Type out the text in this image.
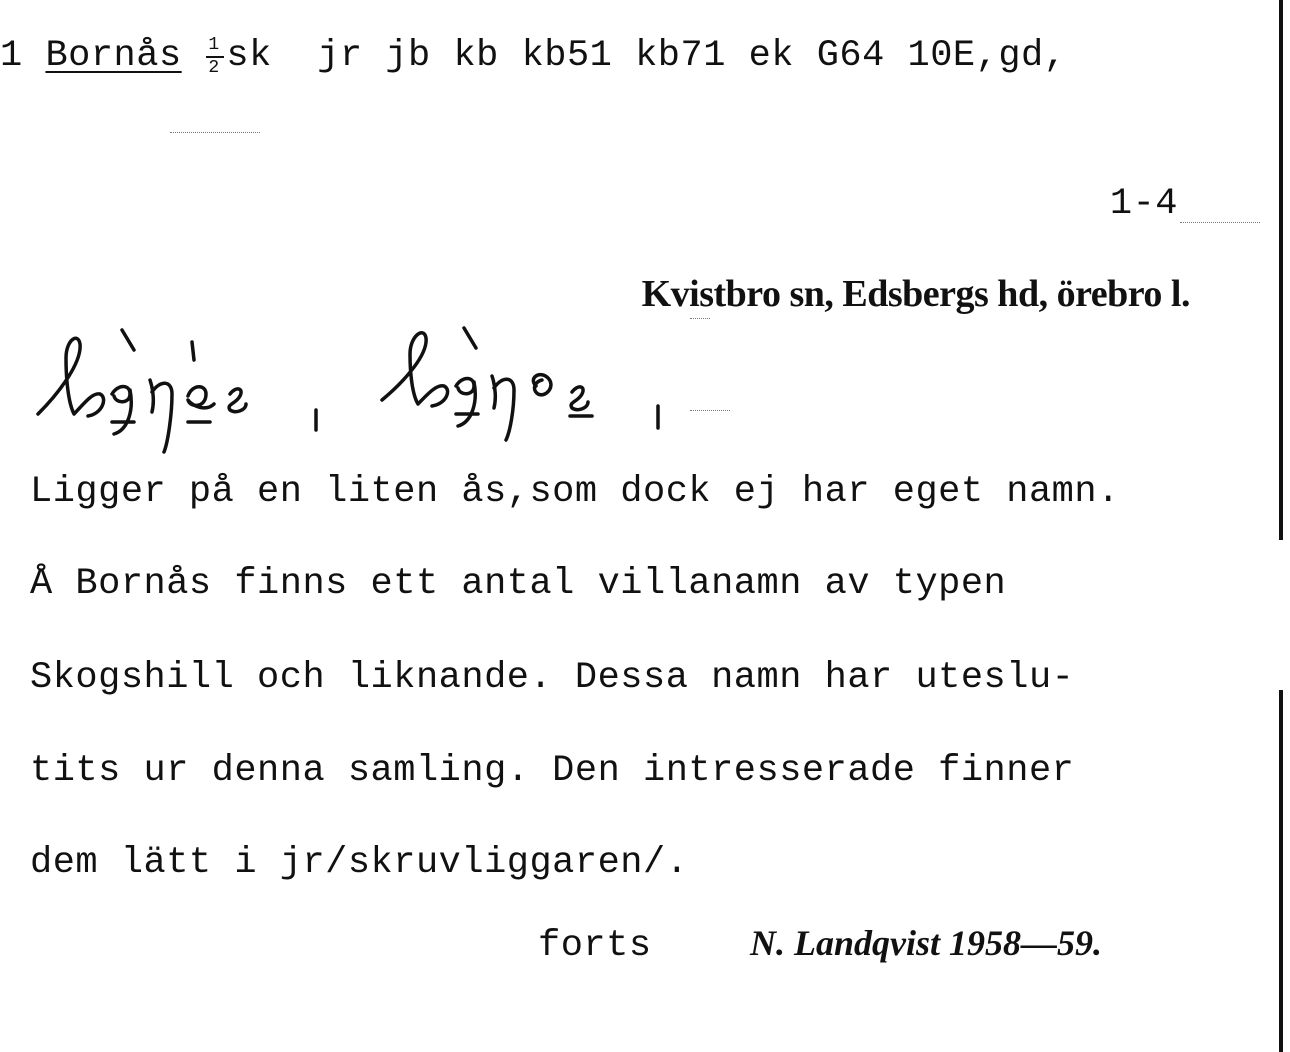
1 Bornås $\frac{1}{2}$ sk jr jb kb kb51 kb71 ek G64 10E,gd,
1-4
Kvistbro sn, Edsbergs hd, örebro l.
Ligger på en liten ås,som dock ej har eget namn.
Å Bornås finns ett antal villanamn av typen
Skogshill och liknande. Dessa namn har uteslu-
tits ur denna samling. Den intresserade finner
dem lätt i jr/skruvliggaren/.
forts	N. Landqvist 1958—59.
